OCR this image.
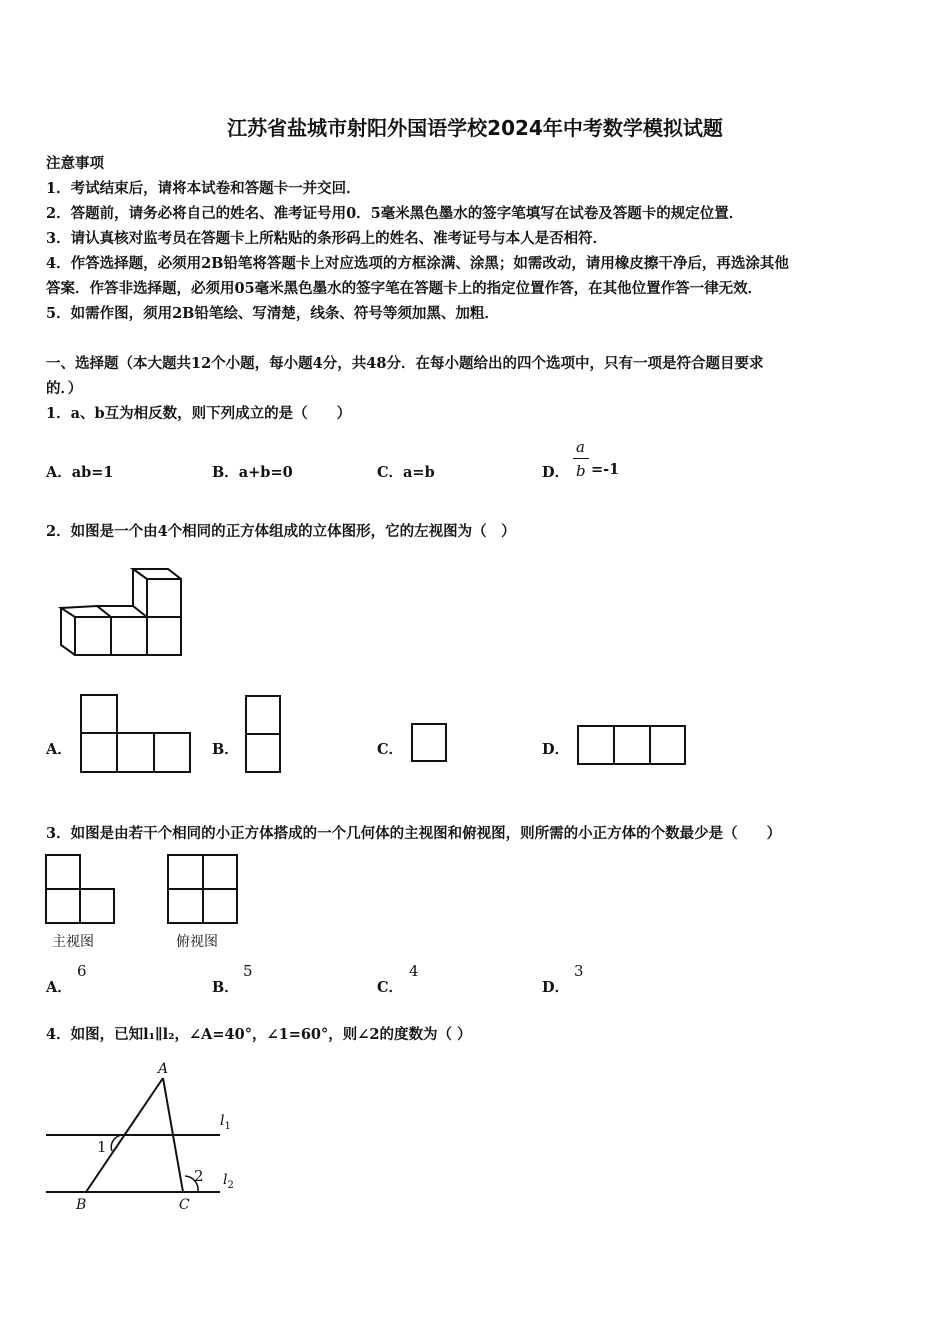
江苏省盐城市射阳外国语学校2024年中考数学模拟试题
注意事项
1．考试结束后，请将本试卷和答题卡一并交回．
2．答题前，请务必将自己的姓名、准考证号用0．5毫米黑色墨水的签字笔填写在试卷及答题卡的规定位置．
3．请认真核对监考员在答题卡上所粘贴的条形码上的姓名、准考证号与本人是否相符．
4．作答选择题，必须用2B铅笔将答题卡上对应选项的方框涂满、涂黑；如需改动，请用橡皮擦干净后，再选涂其他
答案．作答非选择题，必须用05毫米黑色墨水的签字笔在答题卡上的指定位置作答，在其他位置作答一律无效．
5．如需作图，须用2B铅笔绘、写清楚，线条、符号等须加黑、加粗．
一、选择题（本大题共12个小题，每小题4分，共48分．在每小题给出的四个选项中，只有一项是符合题目要求
的．）
1．a、b互为相反数，则下列成立的是（　　）
A．ab=1	B．a+b=0	C．a=b	D．
a
b =-1
2．如图是一个由4个相同的正方体组成的立体图形，它的左视图为（　）
A．	B．	C．	D．
3．如图是由若干个相同的小正方体搭成的一个几何体的主视图和俯视图，则所需的小正方体的个数最少是（　　）
主视图	俯视图
A．
6
B．
5
C．
4
D．
3
4．如图，已知l₁∥l₂，∠A=40°，∠1=60°，则∠2的度数为（ ）
A
B	C
1
2
$l_1$
$l_2$
